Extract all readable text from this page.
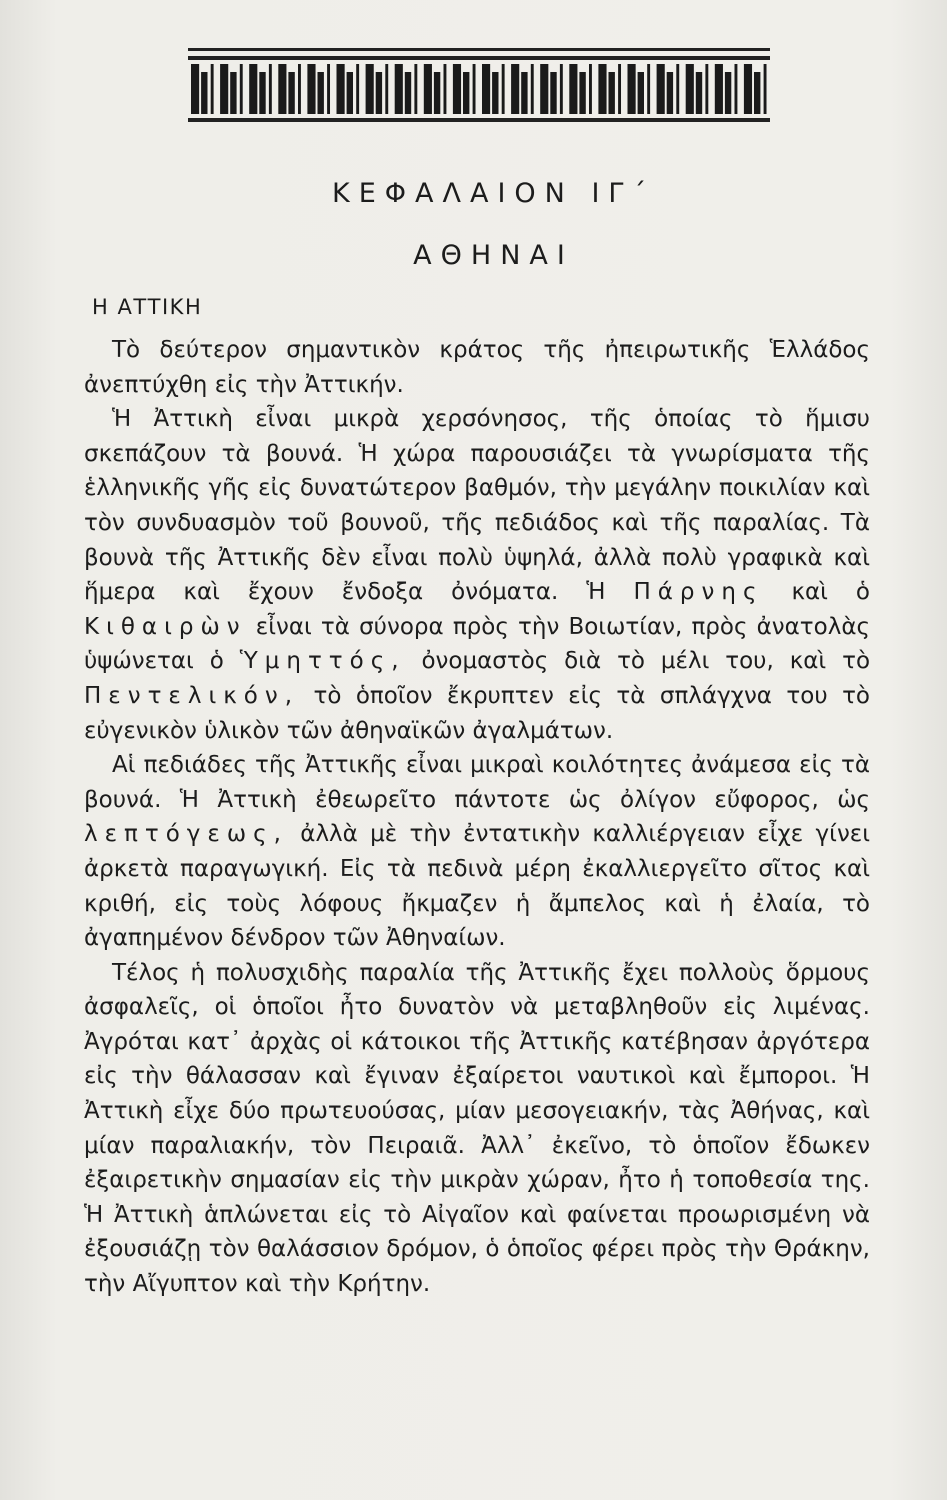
ΚΕΦΑΛΑΙΟΝ ΙΓ΄
ΑΘΗΝΑΙ
Η ΑΤΤΙΚΗ

Τὸ δεύτερον σημαντικὸν κράτος τῆς ἠπειρωτικῆς Ἑλλάδος ἀνεπτύχθη εἰς τὴν Ἀττικήν.

Ἡ Ἀττικὴ εἶναι μικρὰ χερσόνησος, τῆς ὁποίας τὸ ἥμισυ σκεπάζουν τὰ βουνά. Ἡ χώρα παρουσιάζει τὰ γνωρίσματα τῆς ἑλληνικῆς γῆς εἰς δυνατώτερον βαθμόν, τὴν μεγάλην ποικιλίαν καὶ τὸν συνδυασμὸν τοῦ βουνοῦ, τῆς πεδιάδος καὶ τῆς παραλίας. Τὰ βουνὰ τῆς Ἀττικῆς δὲν εἶναι πολὺ ὑψηλά, ἀλλὰ πολὺ γραφικὰ καὶ ἥμερα καὶ ἔχουν ἔνδοξα ὀνόματα. Ἡ Πάρνης καὶ ὁ Κιθαιρὼν εἶναι τὰ σύνορα πρὸς τὴν Βοιωτίαν, πρὸς ἀνατολὰς ὑψώνεται ὁ Ὑμηττός, ὀνομαστὸς διὰ τὸ μέλι του, καὶ τὸ Πεντελικόν, τὸ ὁποῖον ἔκρυπτεν εἰς τὰ σπλάγχνα του τὸ εὐγενικὸν ὑλικὸν τῶν ἀθηναϊκῶν ἀγαλμάτων.

Αἱ πεδιάδες τῆς Ἀττικῆς εἶναι μικραὶ κοιλότητες ἀνάμεσα εἰς τὰ βουνά. Ἡ Ἀττικὴ ἐθεωρεῖτο πάντοτε ὡς ὀλίγον εὔφορος, ὡς λεπτόγεως, ἀλλὰ μὲ τὴν ἐντατικὴν καλλιέργειαν εἶχε γίνει ἀρκετὰ παραγωγική. Εἰς τὰ πεδινὰ μέρη ἐκαλλιεργεῖτο σῖτος καὶ κριθή, εἰς τοὺς λόφους ἤκμαζεν ἡ ἄμπελος καὶ ἡ ἐλαία, τὸ ἀγαπημένον δένδρον τῶν Ἀθηναίων.

Τέλος ἡ πολυσχιδὴς παραλία τῆς Ἀττικῆς ἔχει πολλοὺς ὅρμους ἀσφαλεῖς, οἱ ὁποῖοι ἦτο δυνατὸν νὰ μεταβληθοῦν εἰς λιμένας. Ἀγρόται κατ᾽ ἀρχὰς οἱ κάτοικοι τῆς Ἀττικῆς κατέβησαν ἀργότερα εἰς τὴν θάλασσαν καὶ ἔγιναν ἐξαίρετοι ναυτικοὶ καὶ ἔμποροι. Ἡ Ἀττικὴ εἶχε δύο πρωτευούσας, μίαν μεσογειακήν, τὰς Ἀθήνας, καὶ μίαν παραλιακήν, τὸν Πειραιᾶ. Ἀλλ᾽ ἐκεῖνο, τὸ ὁποῖον ἔδωκεν ἐξαιρετικὴν σημασίαν εἰς τὴν μικρὰν χώραν, ἦτο ἡ τοποθεσία της. Ἡ Ἀττικὴ ἁπλώνεται εἰς τὸ Αἰγαῖον καὶ φαίνεται προωρισμένη νὰ ἐξουσιάζῃ τὸν θαλάσσιον δρόμον, ὁ ὁποῖος φέρει πρὸς τὴν Θράκην, τὴν Αἴγυπτον καὶ τὴν Κρήτην.
